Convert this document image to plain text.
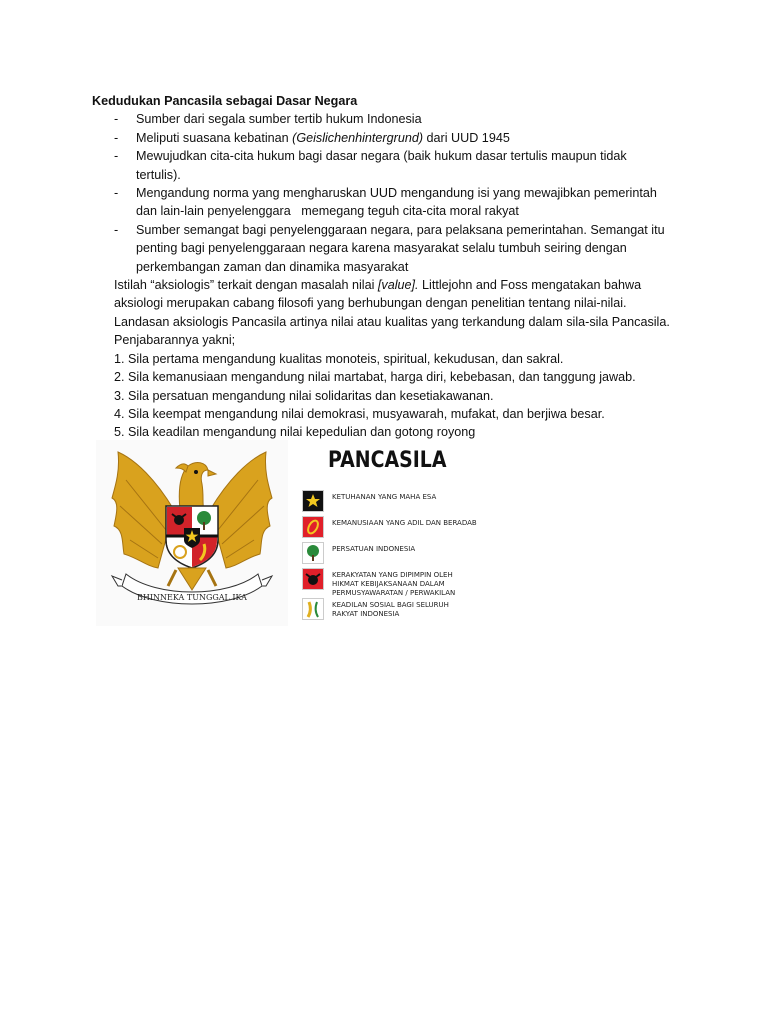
Kedudukan Pancasila sebagai Dasar Negara
- Sumber dari segala sumber tertib hukum Indonesia
- Meliputi suasana kebatinan (Geislichenhintergrund) dari UUD 1945
- Mewujudkan cita-cita hukum bagi dasar negara (baik hukum dasar tertulis maupun tidak tertulis).
- Mengandung norma yang mengharuskan UUD mengandung isi yang mewajibkan pemerintah dan lain-lain penyelenggara   memegang teguh cita-cita moral rakyat
- Sumber semangat bagi penyelenggaraan negara, para pelaksana pemerintahan. Semangat itu penting bagi penyelenggaraan negara karena masyarakat selalu tumbuh seiring dengan perkembangan zaman dan dinamika masyarakat
Istilah “aksiologis” terkait dengan masalah nilai [value]. Littlejohn and Foss mengatakan bahwa aksiologi merupakan cabang filosofi yang berhubungan dengan penelitian tentang nilai-nilai. Landasan aksiologis Pancasila artinya nilai atau kualitas yang terkandung dalam sila-sila Pancasila. Penjabarannya yakni;
1. Sila pertama mengandung kualitas monoteis, spiritual, kekudusan, dan sakral.
2. Sila kemanusiaan mengandung nilai martabat, harga diri, kebebasan, dan tanggung jawab.
3. Sila persatuan mengandung nilai solidaritas dan kesetiakawanan.
4. Sila keempat mengandung nilai demokrasi, musyawarah, mufakat, dan berjiwa besar.
5. Sila keadilan mengandung nilai kepedulian dan gotong royong
BHINNEKA TUNGGAL IKA
PANCASILA
KETUHANAN YANG MAHA ESA
KEMANUSIAAN YANG ADIL DAN BERADAB
PERSATUAN INDONESIA
KERAKYATAN YANG DIPIMPIN OLEH
HIKMAT KEBIJAKSANAAN DALAM
PERMUSYAWARATAN / PERWAKILAN
KEADILAN SOSIAL BAGI SELURUH
RAKYAT INDONESIA
